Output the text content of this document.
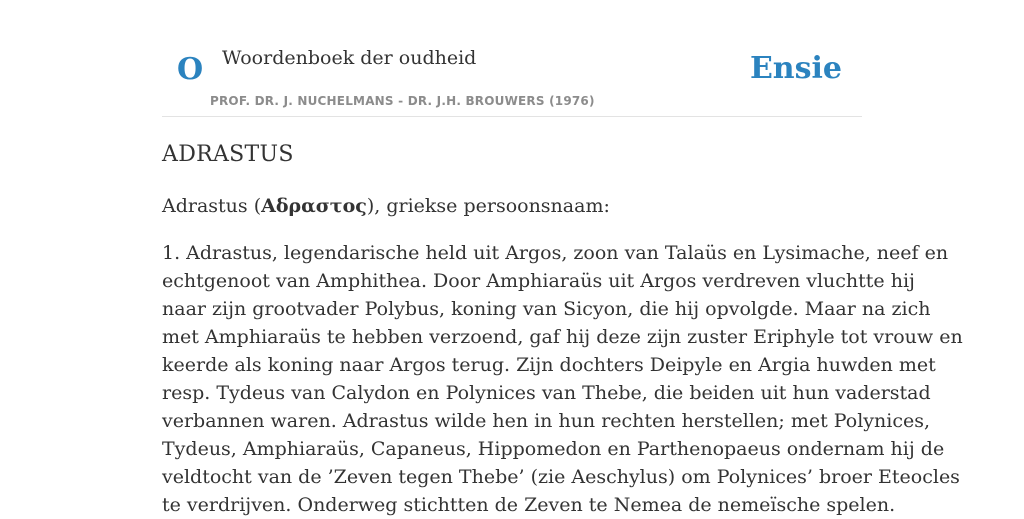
O Woordenboek der oudheid
PROF. DR. J. NUCHELMANS - DR. J.H. BROUWERS (1976)
Ensie
ADRASTUS

Adrastus (Αδραστος), griekse persoonsnaam:

1. Adrastus, legendarische held uit Argos, zoon van Talaüs en Lysimache, neef en
echtgenoot van Amphithea. Door Amphiaraüs uit Argos verdreven vluchtte hij
naar zijn grootvader Polybus, koning van Sicyon, die hij opvolgde. Maar na zich
met Amphiaraüs te hebben verzoend, gaf hij deze zijn zuster Eriphyle tot vrouw en
keerde als koning naar Argos terug. Zijn dochters Deipyle en Argia huwden met
resp. Tydeus van Calydon en Polynices van Thebe, die beiden uit hun vaderstad
verbannen waren. Adrastus wilde hen in hun rechten herstellen; met Polynices,
Tydeus, Amphiaraüs, Capaneus, Hippomedon en Parthenopaeus ondernam hij de
veldtocht van de ’Zeven tegen Thebe’ (zie Aeschylus) om Polynices’ broer Eteocles
te verdrijven. Onderweg stichtten de Zeven te Nemea de nemeïsche spelen.
